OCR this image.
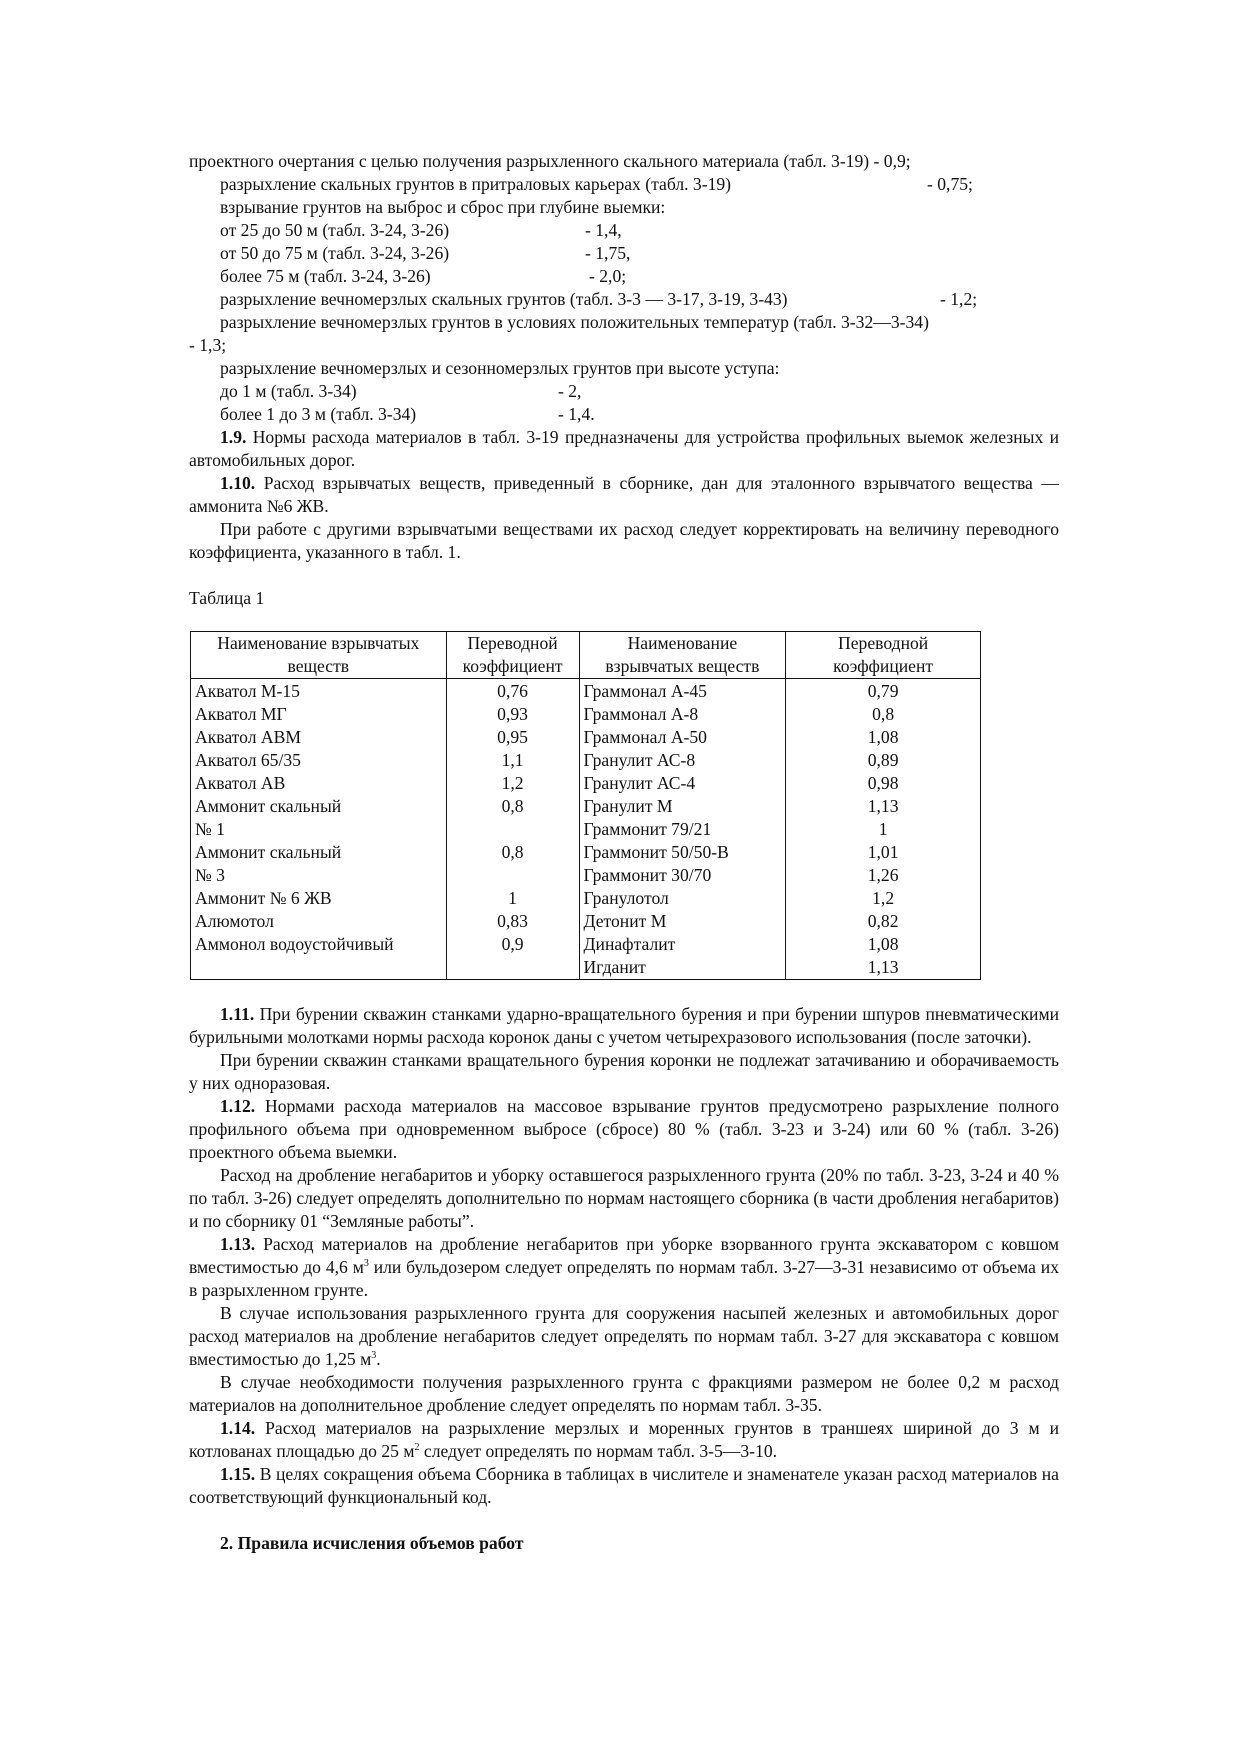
проектного очертания с целью получения разрыхленного скального материала (табл. 3-19) - 0,9;
разрыхление скальных грунтов в притраловых карьерах (табл. 3-19)	- 0,75;
взрывание грунтов на выброс и сброс при глубине выемки:
от 25 до 50 м (табл. 3-24, 3-26)	- 1,4,
от 50 до 75 м (табл. 3-24, 3-26)	- 1,75,
более 75 м (табл. 3-24, 3-26)	- 2,0;
разрыхление вечномерзлых скальных грунтов (табл. 3-3 — 3-17, 3-19, 3-43)	- 1,2;
разрыхление вечномерзлых грунтов в условиях положительных температур (табл. 3-32—3-34)
- 1,3;
разрыхление вечномерзлых и сезонномерзлых грунтов при высоте уступа:
до 1 м (табл. 3-34)	- 2,
более 1 до 3 м (табл. 3-34)	- 1,4.

1.9. Нормы расхода материалов в табл. 3-19 предназначены для устройства профильных выемок железных и автомобильных дорог.

1.10. Расход взрывчатых веществ, приведенный в сборнике, дан для эталонного взрывчатого вещества — аммонита №6 ЖВ.

При работе с другими взрывчатыми веществами их расход следует корректировать на величину переводного коэффициента, указанного в табл. 1.

Таблица 1
Наименование взрывчатых веществ	Переводной коэффициент	Наименование взрывчатых веществ	Переводной коэффициент
Акватол М-15	0,76	Граммонал А-45	0,79
Акватол МГ	0,93	Граммонал А-8	0,8
Акватол АВМ	0,95	Граммонал А-50	1,08
Акватол 65/35	1,1	Гранулит АС-8	0,89
Акватол АВ	1,2	Гранулит АС-4	0,98
Аммонит скальный	0,8	Гранулит М	1,13
№ 1		Граммонит 79/21	1
Аммонит скальный	0,8	Граммонит 50/50-В	1,01
№ 3		Граммонит 30/70	1,26
Аммонит № 6 ЖВ	1	Гранулотол	1,2
Алюмотол	0,83	Детонит М	0,82
Аммонол водоустойчивый	0,9	Динафталит	1,08
		Игданит	1,13

1.11. При бурении скважин станками ударно-вращательного бурения и при бурении шпуров пневматическими бурильными молотками нормы расхода коронок даны с учетом четырехразового использования (после заточки).

При бурении скважин станками вращательного бурения коронки не подлежат затачиванию и оборачиваемость у них одноразовая.

1.12. Нормами расхода материалов на массовое взрывание грунтов предусмотрено разрыхление полного профильного объема при одновременном выбросе (сбросе) 80 % (табл. 3-23 и 3-24) или 60 % (табл. 3-26) проектного объема выемки.

Расход на дробление негабаритов и уборку оставшегося разрыхленного грунта (20% по табл. 3-23, 3-24 и 40 % по табл. 3-26) следует определять дополнительно по нормам настоящего сборника (в части дробления негабаритов) и по сборнику 01 “Земляные работы”.

1.13. Расход материалов на дробление негабаритов при уборке взорванного грунта экскаватором с ковшом вместимостью до 4,6 $м^3$ или бульдозером следует определять по нормам табл. 3-27—3-31 независимо от объема их в разрыхленном грунте.

В случае использования разрыхленного грунта для сооружения насыпей железных и автомобильных дорог расход материалов на дробление негабаритов следует определять по нормам табл. 3-27 для экскаватора с ковшом вместимостью до 1,25 $м^3$.

В случае необходимости получения разрыхленного грунта с фракциями размером не более 0,2 м расход материалов на дополнительное дробление следует определять по нормам табл. 3-35.

1.14. Расход материалов на разрыхление мерзлых и моренных грунтов в траншеях шириной до 3 м и котлованах площадью до 25 $м^2$ следует определять по нормам табл. 3-5—3-10.

1.15. В целях сокращения объема Сборника в таблицах в числителе и знаменателе указан расход материалов на соответствующий функциональный код.

2. Правила исчисления объемов работ
